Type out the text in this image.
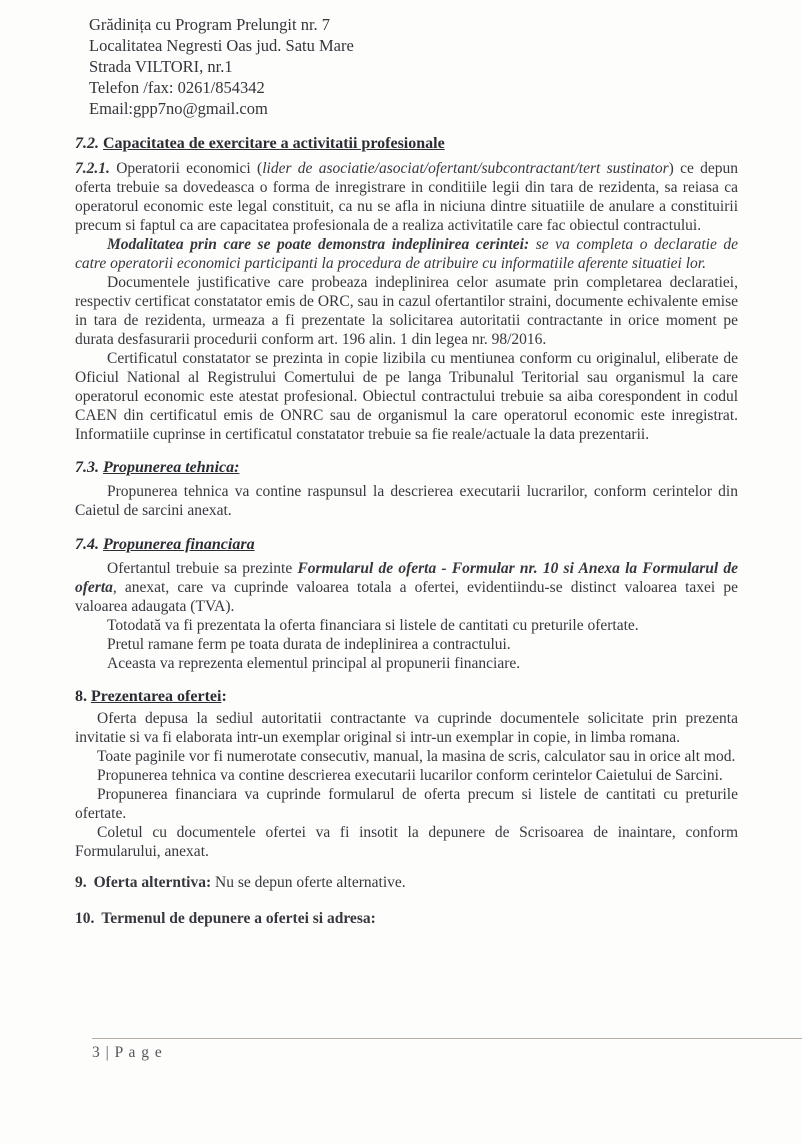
Grădinița cu Program Prelungit nr. 7
Localitatea Negresti Oas jud. Satu Mare
Strada VILTORI, nr.1
Telefon /fax: 0261/854342
Email:gpp7no@gmail.com
7.2. Capacitatea de exercitare a activitatii profesionale

7.2.1. Operatorii economici (lider de asociatie/asociat/ofertant/subcontractant/tert sustinator) ce depun oferta trebuie sa dovedeasca o forma de inregistrare in conditiile legii din tara de rezidenta, sa reiasa ca operatorul economic este legal constituit, ca nu se afla in niciuna dintre situatiile de anulare a constituirii precum si faptul ca are capacitatea profesionala de a realiza activitatile care fac obiectul contractului.

Modalitatea prin care se poate demonstra indeplinirea cerintei: se va completa o declaratie de catre operatorii economici participanti la procedura de atribuire cu informatiile aferente situatiei lor.

Documentele justificative care probeaza indeplinirea celor asumate prin completarea declaratiei, respectiv certificat constatator emis de ORC, sau in cazul ofertantilor straini, documente echivalente emise in tara de rezidenta, urmeaza a fi prezentate la solicitarea autoritatii contractante in orice moment pe durata desfasurarii procedurii conform art. 196 alin. 1 din legea nr. 98/2016.

Certificatul constatator se prezinta in copie lizibila cu mentiunea conform cu originalul, eliberate de Oficiul National al Registrului Comertului de pe langa Tribunalul Teritorial sau organismul la care operatorul economic este atestat profesional. Obiectul contractului trebuie sa aiba corespondent in codul CAEN din certificatul emis de ONRC sau de organismul la care operatorul economic este inregistrat. Informatiile cuprinse in certificatul constatator trebuie sa fie reale/actuale la data prezentarii.

7.3. Propunerea tehnica:

Propunerea tehnica va contine raspunsul la descrierea executarii lucrarilor, conform cerintelor din Caietul de sarcini anexat.

7.4. Propunerea financiara

Ofertantul trebuie sa prezinte Formularul de oferta - Formular nr. 10 si Anexa la Formularul de oferta, anexat, care va cuprinde valoarea totala a ofertei, evidentiindu-se distinct valoarea taxei pe valoarea adaugata (TVA).

Totodată va fi prezentata la oferta financiara si listele de cantitati cu preturile ofertate.

Pretul ramane ferm pe toata durata de indeplinirea a contractului.

Aceasta va reprezenta elementul principal al propunerii financiare.

8. Prezentarea ofertei:

Oferta depusa la sediul autoritatii contractante va cuprinde documentele solicitate prin prezenta invitatie si va fi elaborata intr-un exemplar original si intr-un exemplar in copie, in limba romana.

Toate paginile vor fi numerotate consecutiv, manual, la masina de scris, calculator sau in orice alt mod.

Propunerea tehnica va contine descrierea executarii lucarilor conform cerintelor Caietului de Sarcini.

Propunerea financiara va cuprinde formularul de oferta precum si listele de cantitati cu preturile ofertate.

Coletul cu documentele ofertei va fi insotit la depunere de Scrisoarea de inaintare, conform Formularului, anexat.

9. Oferta alterntiva: Nu se depun oferte alternative.
10. Termenul de depunere a ofertei si adresa:
3 | P a g e
